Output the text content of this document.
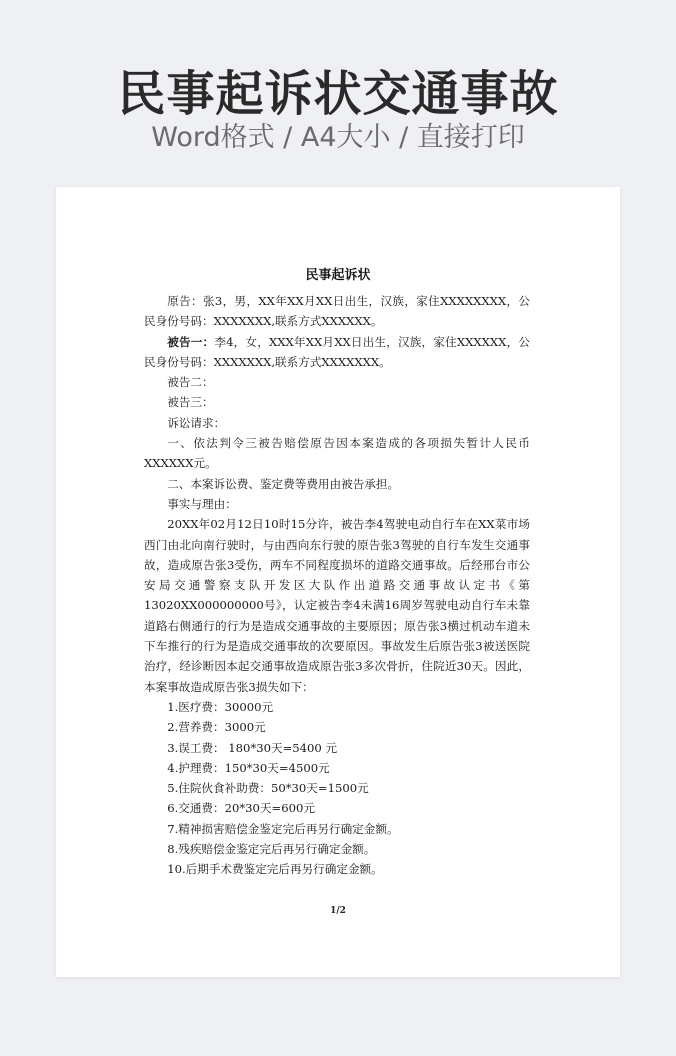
民事起诉状交通事故
Word格式 / A4大小 / 直接打印
民事起诉状

原告：张3，男，XX年XX月XX日出生，汉族，家住XXXXXXXX，公民身份号码：XXXXXXX,联系方式XXXXXX。

被告一：李4，女，XXX年XX月XX日出生，汉族，家住XXXXXX，公民身份号码：XXXXXXX,联系方式XXXXXXX。

被告二：

被告三：

诉讼请求：

一、依法判令三被告赔偿原告因本案造成的各项损失暂计人民币XXXXXX元。

二、本案诉讼费、鉴定费等费用由被告承担。

事实与理由：

20XX年02月12日10时15分许，被告李4驾驶电动自行车在XX菜市场西门由北向南行驶时，与由西向东行驶的原告张3驾驶的自行车发生交通事故，造成原告张3受伤，两车不同程度损坏的道路交通事故。后经邢台市公安局交通警察支队开发区大队作出道路交通事故认定书《第13020XX000000000号》，认定被告李4未满16周岁驾驶电动自行车未靠道路右侧通行的行为是造成交通事故的主要原因；原告张3横过机动车道未下车推行的行为是造成交通事故的次要原因。事故发生后原告张3被送医院治疗，经诊断因本起交通事故造成原告张3多次骨折，住院近30天。因此，本案事故造成原告张3损失如下：

1.医疗费：30000元

2.营养费：3000元

3.误工费： 180*30天=5400 元

4.护理费：150*30天=4500元

5.住院伙食补助费：50*30天=1500元

6.交通费：20*30天=600元

7.精神损害赔偿金鉴定完后再另行确定金额。

8.残疾赔偿金鉴定完后再另行确定金额。

10.后期手术费鉴定完后再另行确定金额。

1/2
